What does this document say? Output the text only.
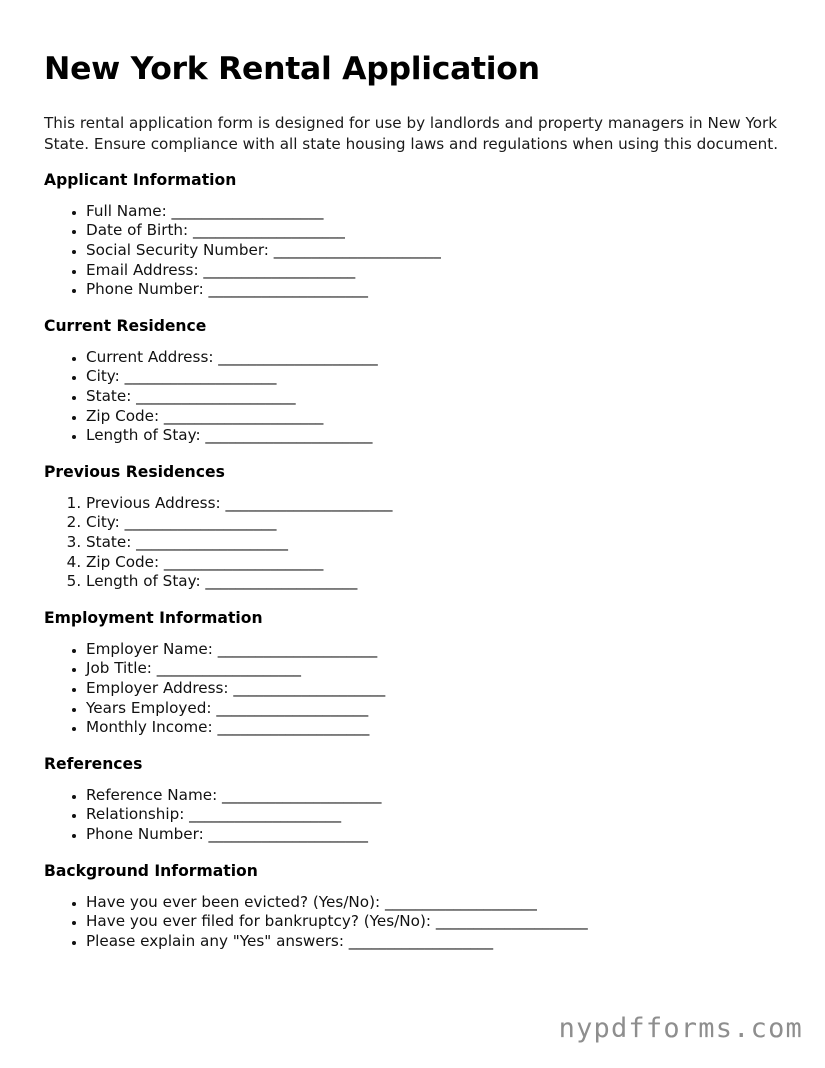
New York Rental Application

This rental application form is designed for use by landlords and property managers in New York State. Ensure compliance with all state housing laws and regulations when using this document.

Applicant Information
• Full Name: ____________________
• Date of Birth: ____________________
• Social Security Number: ______________________
• Email Address: ____________________
• Phone Number: _____________________
Current Residence
• Current Address: _____________________
• City: ____________________
• State: _____________________
• Zip Code: _____________________
• Length of Stay: ______________________
Previous Residences
1. Previous Address: ______________________
2. City: ____________________
3. State: ____________________
4. Zip Code: _____________________
5. Length of Stay: ____________________
Employment Information
• Employer Name: _____________________
• Job Title: ___________________
• Employer Address: ____________________
• Years Employed: ____________________
• Monthly Income: ____________________
References
• Reference Name: _____________________
• Relationship: ____________________
• Phone Number: _____________________
Background Information
• Have you ever been evicted? (Yes/No): ____________________
• Have you ever filed for bankruptcy? (Yes/No): ____________________
• Please explain any "Yes" answers: ___________________
nypdfforms.com
